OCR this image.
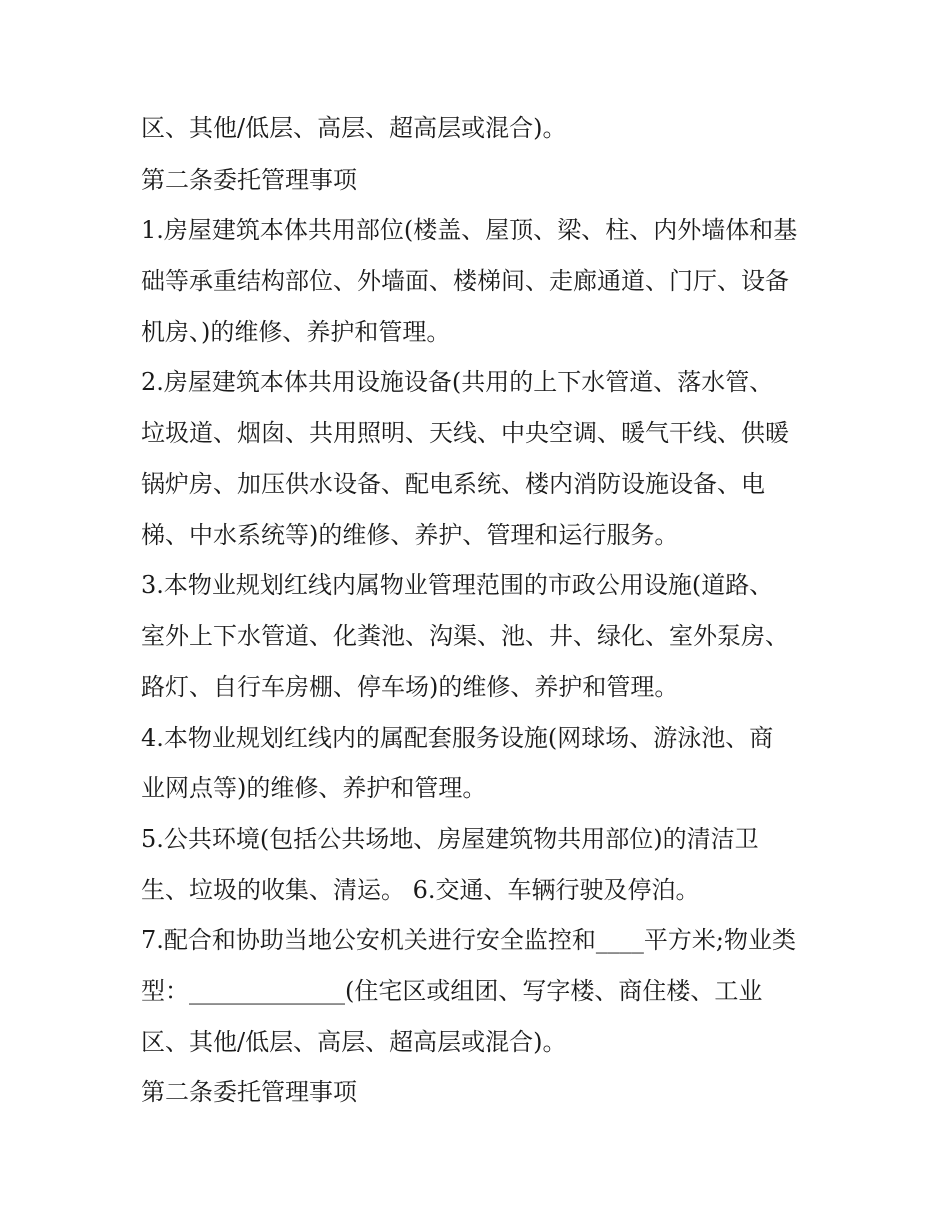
区、其他/低层、高层、超高层或混合)。
第二条委托管理事项
1.房屋建筑本体共用部位(楼盖、屋顶、梁、柱、内外墙体和基
础等承重结构部位、外墙面、楼梯间、走廊通道、门厅、设备
机房、)的维修、养护和管理。
2.房屋建筑本体共用设施设备(共用的上下水管道、落水管、
垃圾道、烟囱、共用照明、天线、中央空调、暖气干线、供暖
锅炉房、加压供水设备、配电系统、楼内消防设施设备、电
梯、中水系统等)的维修、养护、管理和运行服务。
3.本物业规划红线内属物业管理范围的市政公用设施(道路、
室外上下水管道、化粪池、沟渠、池、井、绿化、室外泵房、
路灯、自行车房棚、停车场)的维修、养护和管理。
4.本物业规划红线内的属配套服务设施(网球场、游泳池、商
业网点等)的维修、养护和管理。
5.公共环境(包括公共场地、房屋建筑物共用部位)的清洁卫
生、垃圾的收集、清运。 6.交通、车辆行驶及停泊。
7.配合和协助当地公安机关进行安全监控和____平方米;物业类
型：_____________(住宅区或组团、写字楼、商住楼、工业
区、其他/低层、高层、超高层或混合)。
第二条委托管理事项
